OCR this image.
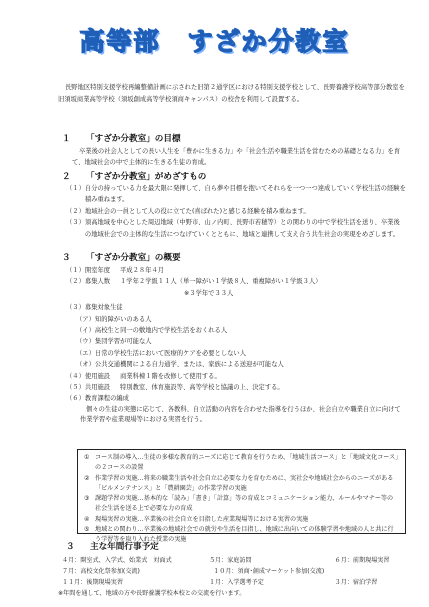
高等部　すざか分教室
長野地区特別支援学校再編整備計画に示された旧第２通学区における特別支援学校として、長野養護学校高等部分教室を旧須坂商業高等学校（須坂創成高等学校須商キャンパス）の校舎を利用して設置する。
１ 「すざか分教室」の目標
卒業後の社会人としての長い人生を「豊かに生きる力」や「社会生活や職業生活を営むための基礎となる力」を育て、地域社会の中で主体的に生きる生徒の育成。
２ 「すざか分教室」がめざすもの
（１） 自分の持っている力を最大限に発揮して、自ら夢や目標を抱いてそれらを一つ一つ達成していく学校生活の経験を積み重ねます。
（２） 地域社会の一員として人の役に立てた(喜ばれた)と感じる経験を積み重ねます。
（３） 須高地域を中心とした周辺地域（中野市、山ノ内町、長野市若穂等）との関わりの中で学校生活を送り、卒業後の地域社会での主体的な生活につなげていくとともに、地域と連携して支え合う共生社会の実現をめざします。
３ 「すざか分教室」の概要
（１）開室年度	平成２８年４月
（２）募集人数	１学年２学級１１人（単一障がい１学級８人、重複障がい１学級３人）
※３学年で３３人
（３）募集対象生徒
（ア） 知的障がいのある人
（イ） 高校生と同一の敷地内で学校生活をおくれる人
（ウ） 集団学習が可能な人
（エ） 日常の学校生活において医療的ケアを必要としない人
（オ） 公共交通機関による自力通学、または、家族による送迎が可能な人
（４）使用施設	商業科棟１階を改修して使用する。
（５）共用施設	特別教室、体育施設等、高等学校と協議の上、決定する。
（６）教育課程の編成
個々の生徒の実態に応じて、各教科、自立活動の内容を合わせた指導を行うほか、社会自立や職業自立に向けて作業学習や産業現場等における実習を行う。
① コース制の導入…生徒の多様な教育的ニーズに応じて教育を行うため、「地域生活コース」と「地域文化コース」の２コースの設置
② 作業学習の実施…将来の職業生活や社会自立に必要な力を育むために、実社会や地域社会からのニーズがある「ビルメンテナンス」と「農耕園芸」の作業学習の実施
③ 課題学習の実施…基本的な「読み」「書き」「計算」等の育成とコミュニケーション能力、ルールやマナー等の社会生活を送る上で必要な力の育成
④ 現場実習の実施…卒業後の社会自立を目指した産業現場等における実習の実施
⑤ 地域との関わり…卒業後の地域社会での就労や生活を目指し、地域に出向いての体験学習や地域の人と共に行う学習等を取り入れた授業の実施
３ 主な年間行事予定
４月：開室式、入学式、始業式　対面式	５月：家庭訪問	６月：前期現場実習
７月：高校文化祭参加(交流)	１０月：須商･創成マーケット参加(交流)
１１月：後期現場実習	１月：入学選考予定	３月：宿泊学習
※年間を通して、地域の方や長野養護学校本校との交流を行います。
